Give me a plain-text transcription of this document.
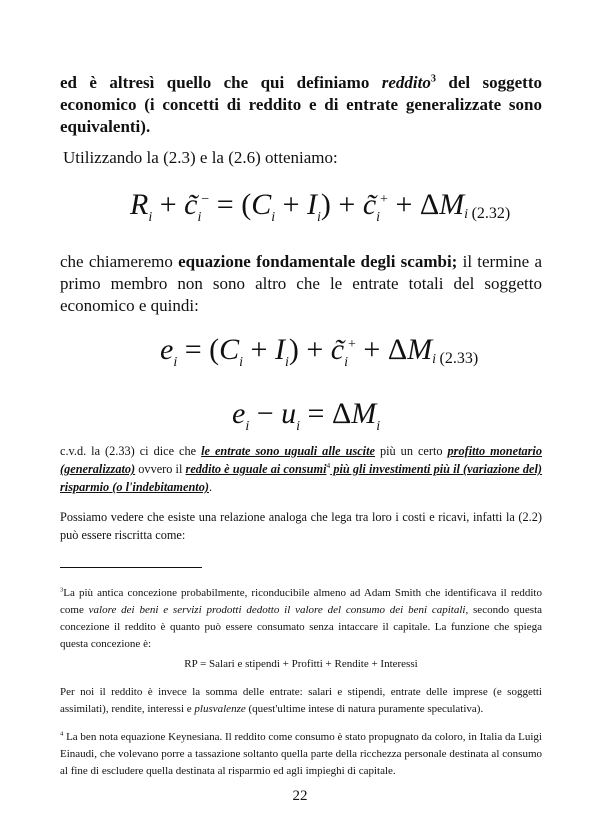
ed è altresì quello che qui definiamo reddito$^3$ del soggetto economico (i concetti di reddito e di entrate generalizzate sono equivalenti).

Utilizzando la (2.3) e la (2.6) otteniamo:

$R_i$ + $c̃_i^- = (C_i + I_i)$ + $c̃_i^+ + \Delta M_{i (2.32)}$

che chiameremo equazione fondamentale degli scambi; il termine a primo membro non sono altro che le entrate totali del soggetto economico e quindi:

$e_i = (C_i + I_i)$ + $c̃_i^+ + \Delta M_{i (2.33)}$
$e_i - u_i = \Delta M_i$

c.v.d. la (2.33) ci dice che le entrate sono uguali alle uscite più un certo profitto monetario (generalizzato) ovvero il reddito è uguale ai consumi$^4$ più gli investimenti più il (variazione del) risparmio (o l'indebitamento).

Possiamo vedere che esiste una relazione analoga che lega tra loro i costi e ricavi, infatti la (2.2) può essere riscritta come:

$^3$La più antica concezione probabilmente, riconducibile almeno ad Adam Smith che identificava il reddito come valore dei beni e servizi prodotti dedotto il valore del consumo dei beni capitali, secondo questa concezione il reddito è quanto può essere consumato senza intaccare il capitale. La funzione che spiega questa concezione è:

RP = Salari e stipendi + Profitti + Rendite + Interessi

Per noi il reddito è invece la somma delle entrate: salari e stipendi, entrate delle imprese (e soggetti assimilati), rendite, interessi e plusvalenze (quest'ultime intese di natura puramente speculativa).

$^4$ La ben nota equazione Keynesiana. Il reddito come consumo è stato propugnato da coloro, in Italia da Luigi Einaudi, che volevano porre a tassazione soltanto quella parte della ricchezza personale destinata al consumo al fine di escludere quella destinata al risparmio ed agli impieghi di capitale.

22
